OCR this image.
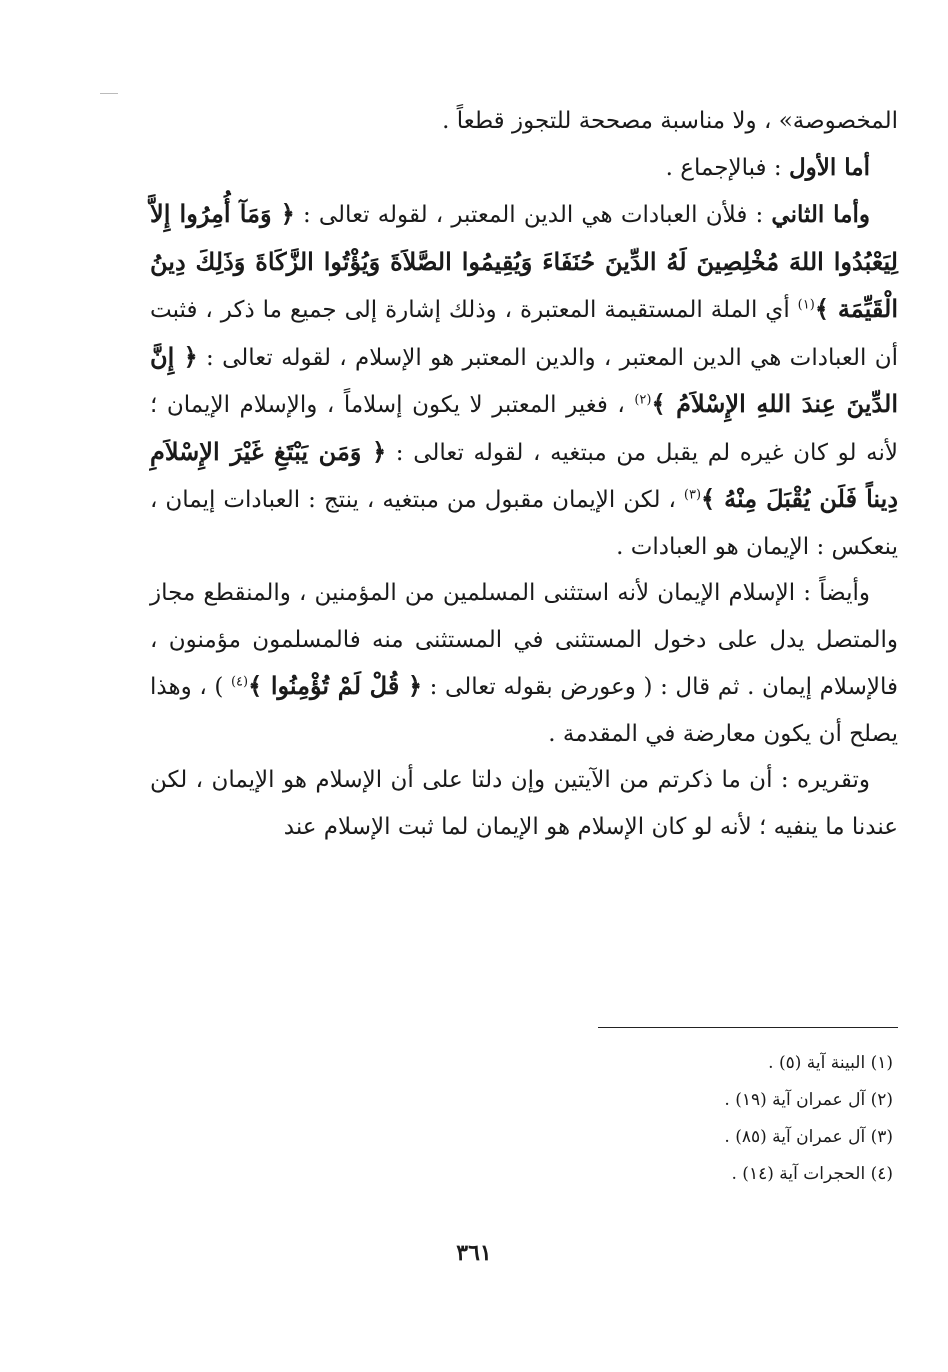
المخصوصة» ، ولا مناسبة مصححة للتجوز قطعاً .

أما الأول : فبالإجماع .

وأما الثاني : فلأن العبادات هي الدين المعتبر ، لقوله تعالى : ﴿ وَمَآ أُمِرُوا إِلاَّ لِيَعْبُدُوا اللهَ مُخْلِصِينَ لَهُ الدِّينَ حُنَفَاءَ وَيُقِيمُوا الصَّلاَةَ وَيُؤْتُوا الزَّكَاةَ وَذَلِكَ دِينُ الْقَيِّمَة ﴾$^{(١)}$ أي الملة المستقيمة المعتبرة ، وذلك إشارة إلى جميع ما ذكر ، فثبت أن العبادات هي الدين المعتبر ، والدين المعتبر هو الإسلام ، لقوله تعالى : ﴿ إِنَّ الدِّينَ عِندَ اللهِ الإِسْلاَمُ ﴾$^{(٢)}$ ، فغير المعتبر لا يكون إسلاماً ، والإسلام الإيمان ؛ لأنه لو كان غيره لم يقبل من مبتغيه ، لقوله تعالى : ﴿ وَمَن يَبْتَغِ غَيْرَ الإِسْلاَمِ دِيناً فَلَن يُقْبَلَ مِنْهُ ﴾$^{(٣)}$ ، لكن الإيمان مقبول من مبتغيه ، ينتج : العبادات إيمان ، ينعكس : الإيمان هو العبادات .

وأيضاً : الإسلام الإيمان لأنه استثنى المسلمين من المؤمنين ، والمنقطع مجاز والمتصل يدل على دخول المستثنى في المستثنى منه فالمسلمون مؤمنون ، فالإسلام إيمان . ثم قال : ( وعورض بقوله تعالى : ﴿ قُلْ لَمْ تُؤْمِنُوا ﴾$^{(٤)}$ ) ، وهذا يصلح أن يكون معارضة في المقدمة .

وتقريره : أن ما ذكرتم من الآيتين وإن دلتا على أن الإسلام هو الإيمان ، لكن عندنا ما ينفيه ؛ لأنه لو كان الإسلام هو الإيمان لما ثبت الإسلام عند

(١) البينة آية (٥) .
(٢) آل عمران آية (١٩) .
(٣) آل عمران آية (٨٥) .
(٤) الحجرات آية (١٤) .
٣٦١
